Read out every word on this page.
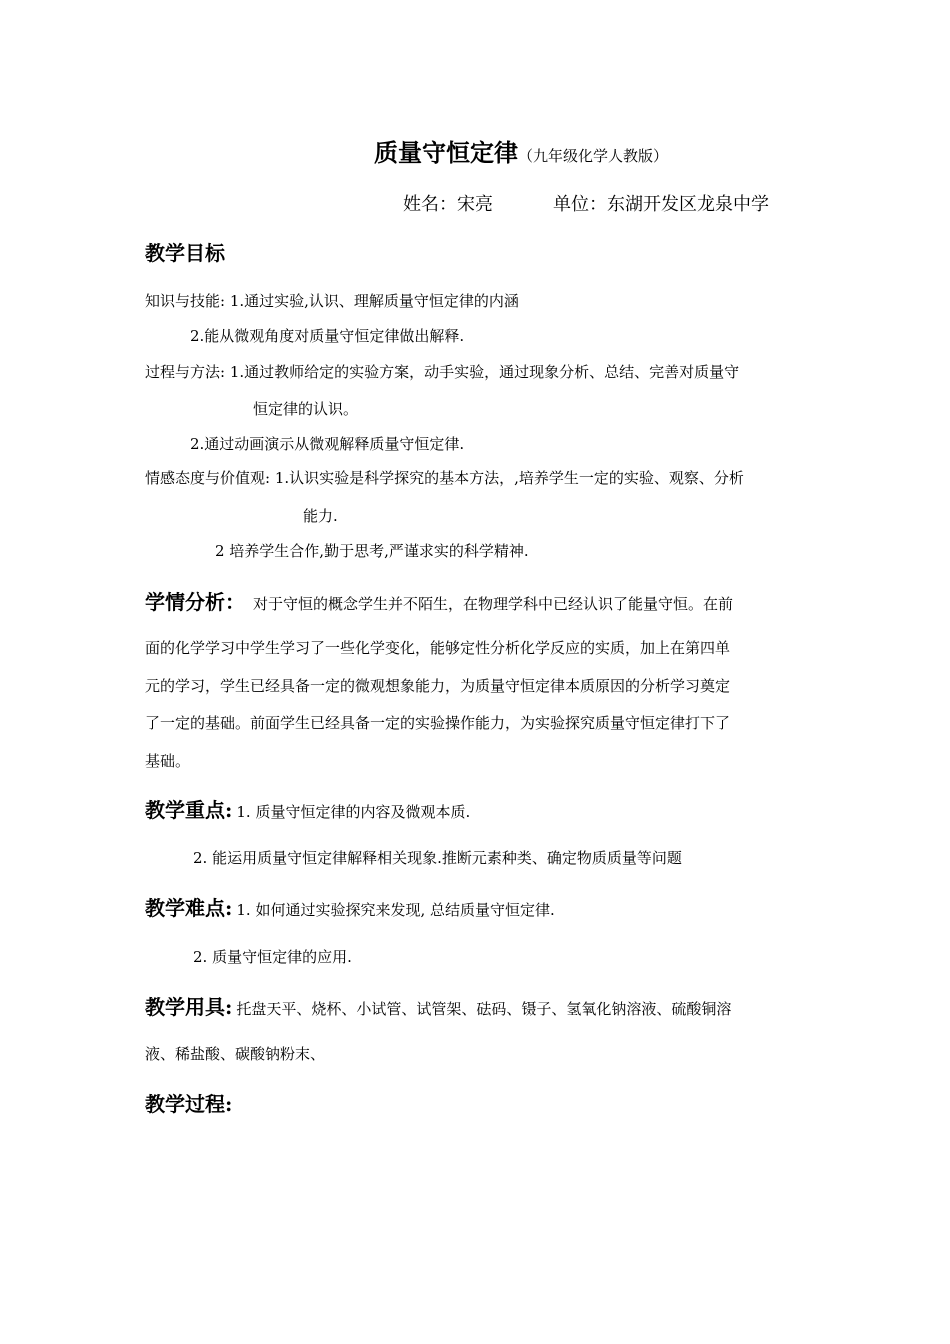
质量守恒定律（九年级化学人教版）
姓名：宋亮	单位：东湖开发区龙泉中学
教学目标
知识与技能: 1.通过实验,认识、理解质量守恒定律的内涵
2.能从微观角度对质量守恒定律做出解释.
过程与方法: 1.通过教师给定的实验方案，动手实验，通过现象分析、总结、完善对质量守
恒定律的认识。
2.通过动画演示从微观解释质量守恒定律.
情感态度与价值观: 1.认识实验是科学探究的基本方法，,培养学生一定的实验、观察、分析
能力.
2 培养学生合作,勤于思考,严谨求实的科学精神.
学情分析： 对于守恒的概念学生并不陌生，在物理学科中已经认识了能量守恒。在前
面的化学学习中学生学习了一些化学变化，能够定性分析化学反应的实质，加上在第四单
元的学习，学生已经具备一定的微观想象能力，为质量守恒定律本质原因的分析学习奠定
了一定的基础。前面学生已经具备一定的实验操作能力，为实验探究质量守恒定律打下了
基础。
教学重点: 1. 质量守恒定律的内容及微观本质.
2. 能运用质量守恒定律解释相关现象.推断元素种类、确定物质质量等问题
教学难点: 1. 如何通过实验探究来发现, 总结质量守恒定律.
2. 质量守恒定律的应用.
教学用具: 托盘天平、烧杯、小试管、试管架、砝码、镊子、氢氧化钠溶液、硫酸铜溶
液、稀盐酸、碳酸钠粉末、
教学过程:
